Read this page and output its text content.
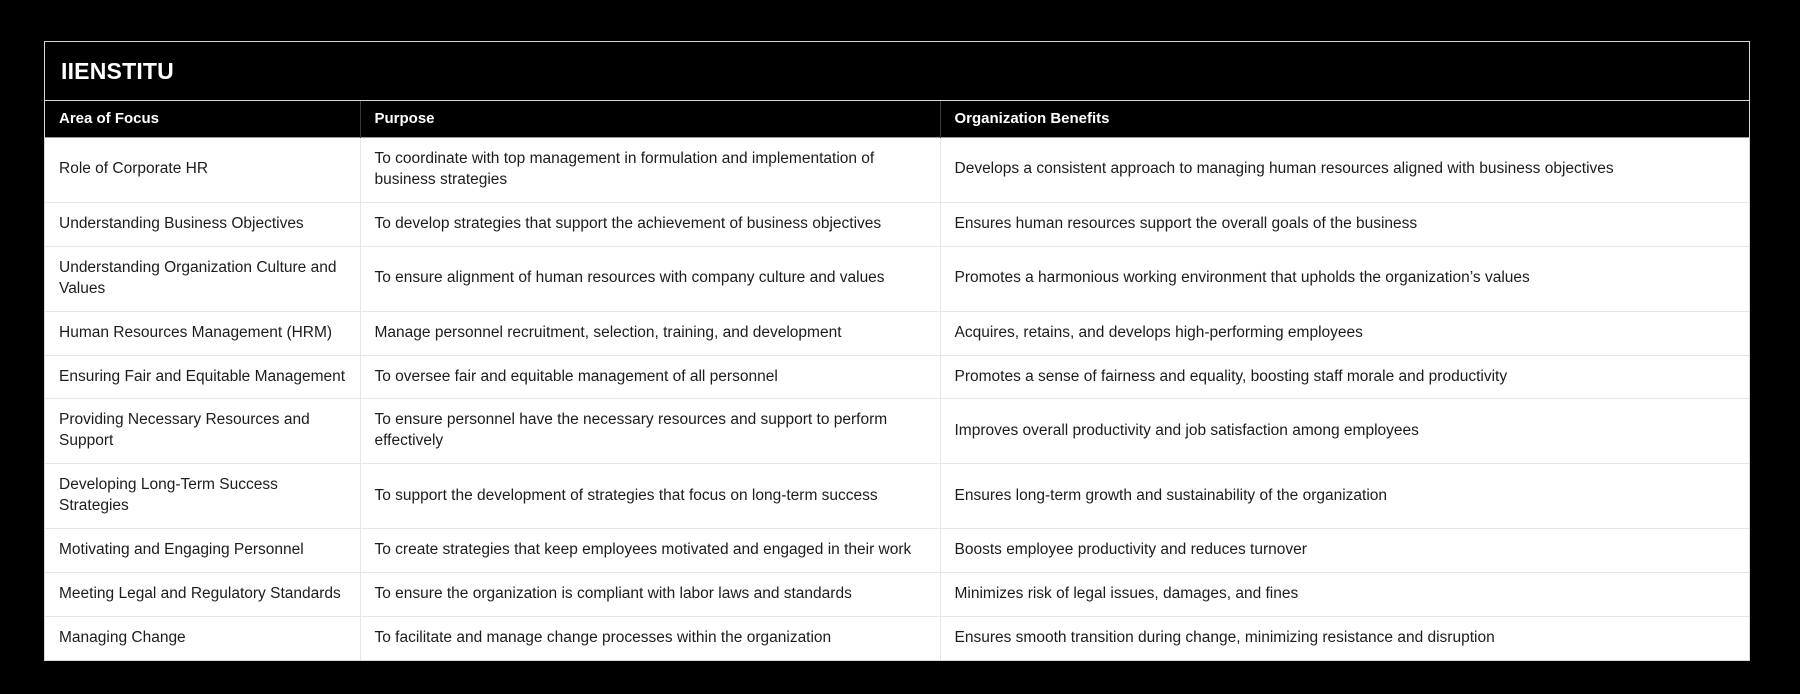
IIENSTITU
Area of Focus	Purpose	Organization Benefits
Role of Corporate HR	To coordinate with top management in formulation and implementation of business strategies	Develops a consistent approach to managing human resources aligned with business objectives
Understanding Business Objectives	To develop strategies that support the achievement of business objectives	Ensures human resources support the overall goals of the business
Understanding Organization Culture and Values	To ensure alignment of human resources with company culture and values	Promotes a harmonious working environment that upholds the organization’s values
Human Resources Management (HRM)	Manage personnel recruitment, selection, training, and development	Acquires, retains, and develops high-performing employees
Ensuring Fair and Equitable Management	To oversee fair and equitable management of all personnel	Promotes a sense of fairness and equality, boosting staff morale and productivity
Providing Necessary Resources and Support	To ensure personnel have the necessary resources and support to perform effectively	Improves overall productivity and job satisfaction among employees
Developing Long-Term Success Strategies	To support the development of strategies that focus on long-term success	Ensures long-term growth and sustainability of the organization
Motivating and Engaging Personnel	To create strategies that keep employees motivated and engaged in their work	Boosts employee productivity and reduces turnover
Meeting Legal and Regulatory Standards	To ensure the organization is compliant with labor laws and standards	Minimizes risk of legal issues, damages, and fines
Managing Change	To facilitate and manage change processes within the organization	Ensures smooth transition during change, minimizing resistance and disruption
